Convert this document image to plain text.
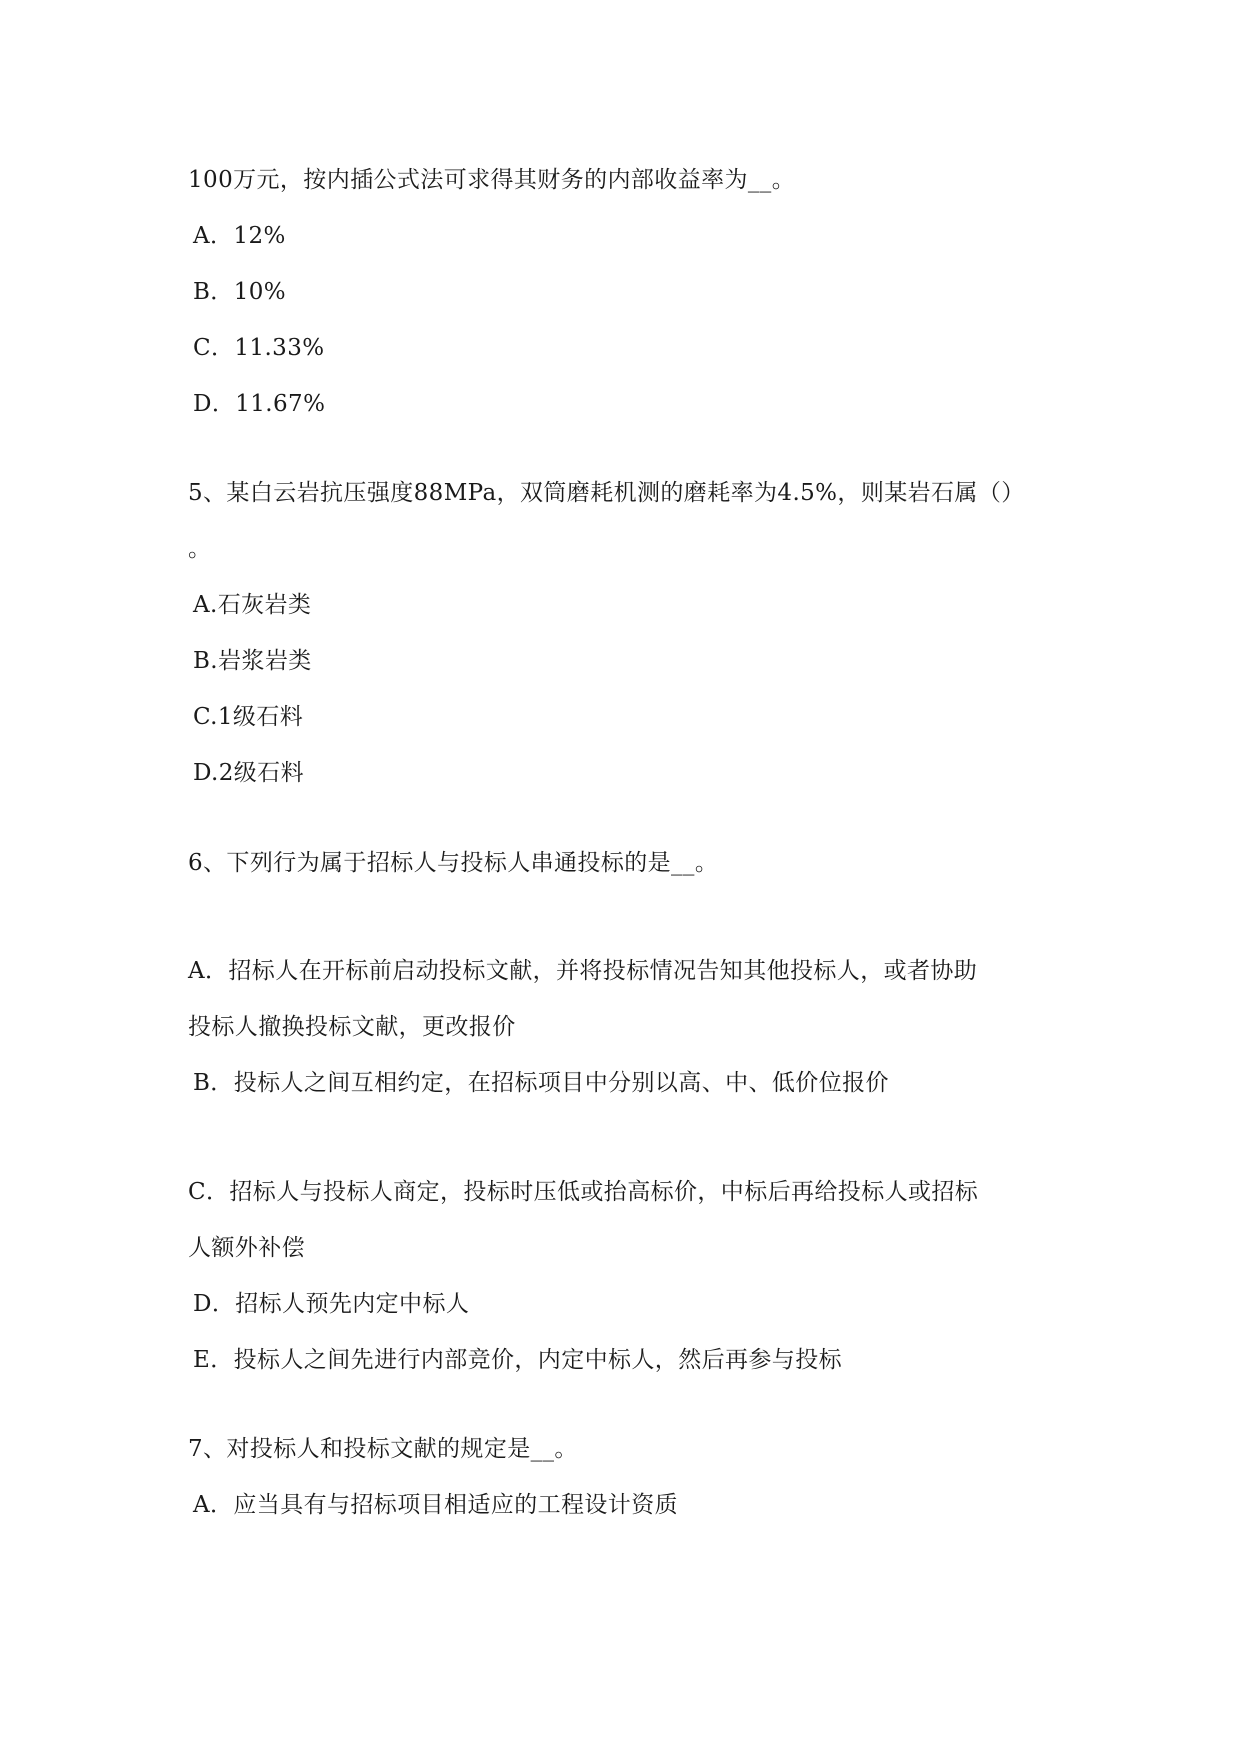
100万元，按内插公式法可求得其财务的内部收益率为__。
A．12%
B．10%
C．11.33%
D．11.67%
5、某白云岩抗压强度88MPa，双筒磨耗机测的磨耗率为4.5%，则某岩石属（）
。
A.石灰岩类
B.岩浆岩类
C.1级石料
D.2级石料
6、下列行为属于招标人与投标人串通投标的是__。
A．招标人在开标前启动投标文献，并将投标情况告知其他投标人，或者协助
投标人撤换投标文献，更改报价
B．投标人之间互相约定，在招标项目中分别以高、中、低价位报价
C．招标人与投标人商定，投标时压低或抬高标价，中标后再给投标人或招标
人额外补偿
D．招标人预先内定中标人
E．投标人之间先进行内部竞价，内定中标人，然后再参与投标
7、对投标人和投标文献的规定是__。
A．应当具有与招标项目相适应的工程设计资质
